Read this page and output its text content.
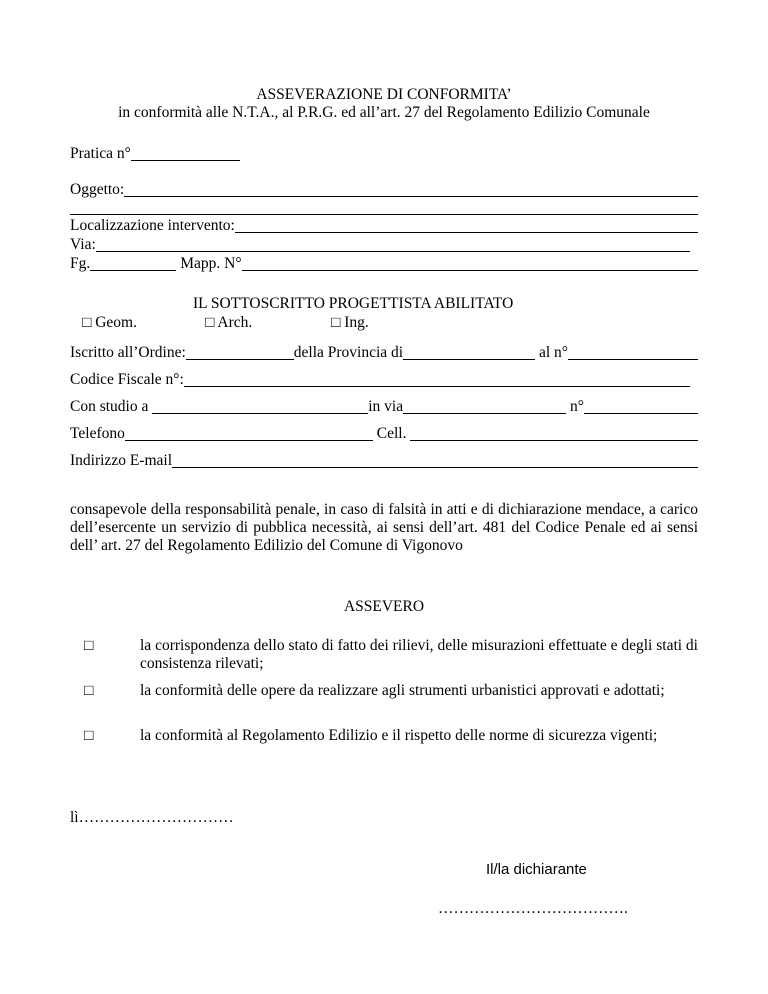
ASSEVERAZIONE DI CONFORMITA’
in conformità alle N.T.A., al P.R.G. ed all’art. 27 del Regolamento Edilizio Comunale
Pratica n°
Oggetto:
Localizzazione intervento:
Via:
Fg.	Mapp. N°
IL SOTTOSCRITTO PROGETTISTA ABILITATO
□ Geom.	□ Arch.	□ Ing.
Iscritto all’Ordine:	della Provincia di	al n°
Codice Fiscale n°:
Con studio a	in via	n°
Telefono	Cell.
Indirizzo E-mail
consapevole della responsabilità penale, in caso di falsità in atti e di dichiarazione mendace, a carico dell’esercente un servizio di pubblica necessità, ai sensi dell’art. 481 del Codice Penale ed ai sensi dell’ art. 27 del Regolamento Edilizio del Comune di Vigonovo
ASSEVERO
□	la corrispondenza dello stato di fatto dei rilievi, delle misurazioni effettuate e degli stati di consistenza rilevati;
□	la conformità delle opere da realizzare agli strumenti urbanistici approvati e adottati;
□	la conformità al Regolamento Edilizio e il rispetto delle norme di sicurezza vigenti;
lì…………………………
Il/la dichiarante
……………………………….
